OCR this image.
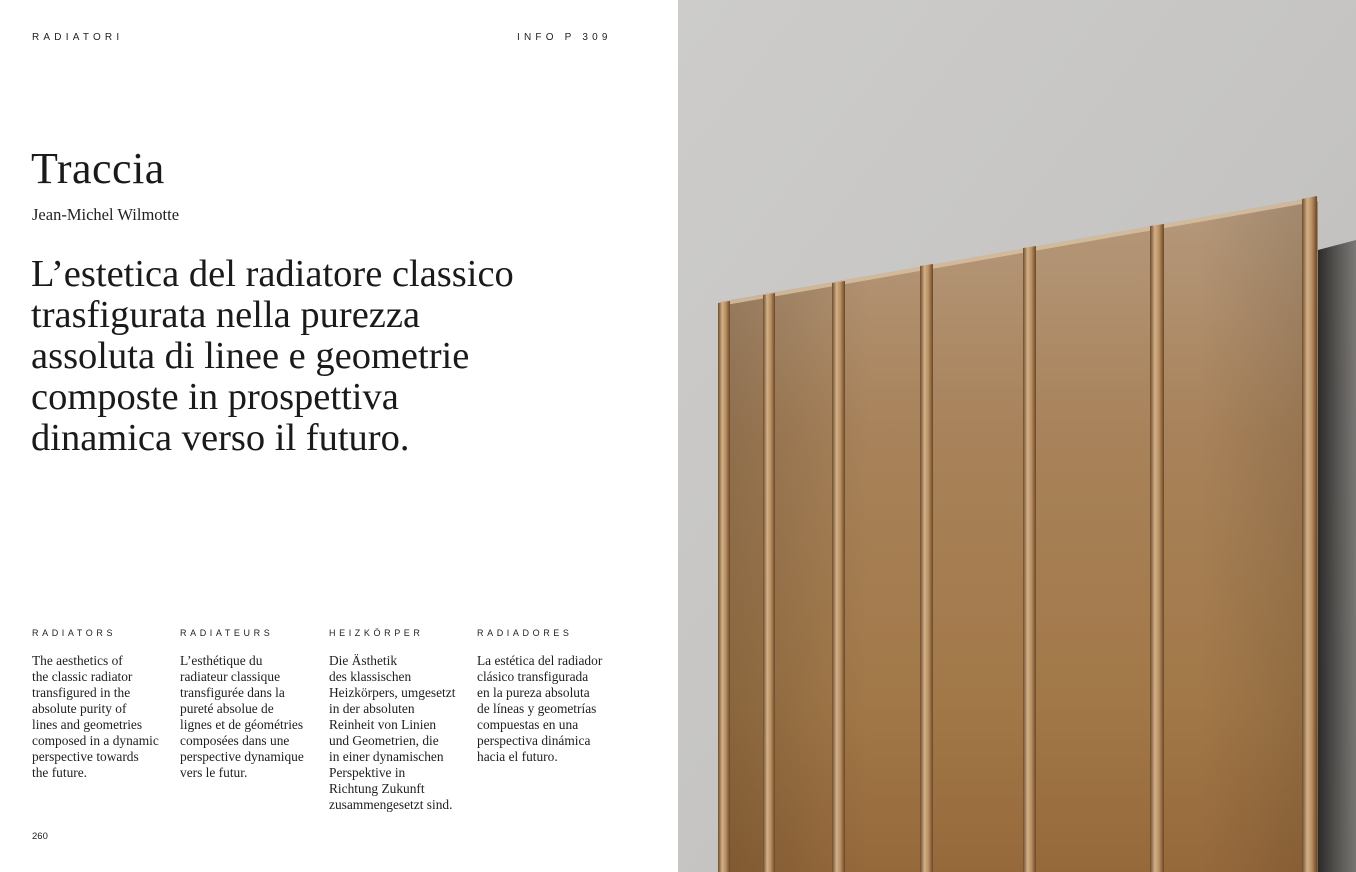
RADIATORI	INFO P 309
Traccia
Jean-Michel Wilmotte
L’estetica del radiatore classico
trasfigurata nella purezza
assoluta di linee e geometrie
composte in prospettiva
dinamica verso il futuro.
RADIATORS
The aesthetics of
the classic radiator
transfigured in the
absolute purity of
lines and geometries
composed in a dynamic
perspective towards
the future.
RADIATEURS
L’esthétique du
radiateur classique
transfigurée dans la
pureté absolue de
lignes et de géométries
composées dans une
perspective dynamique
vers le futur.
HEIZKÖRPER
Die Ästhetik
des klassischen
Heizkörpers, umgesetzt
in der absoluten
Reinheit von Linien
und Geometrien, die
in einer dynamischen
Perspektive in
Richtung Zukunft
zusammengesetzt sind.
RADIADORES
La estética del radiador
clásico transfigurada
en la pureza absoluta
de líneas y geometrías
compuestas en una
perspectiva dinámica
hacia el futuro.
260
